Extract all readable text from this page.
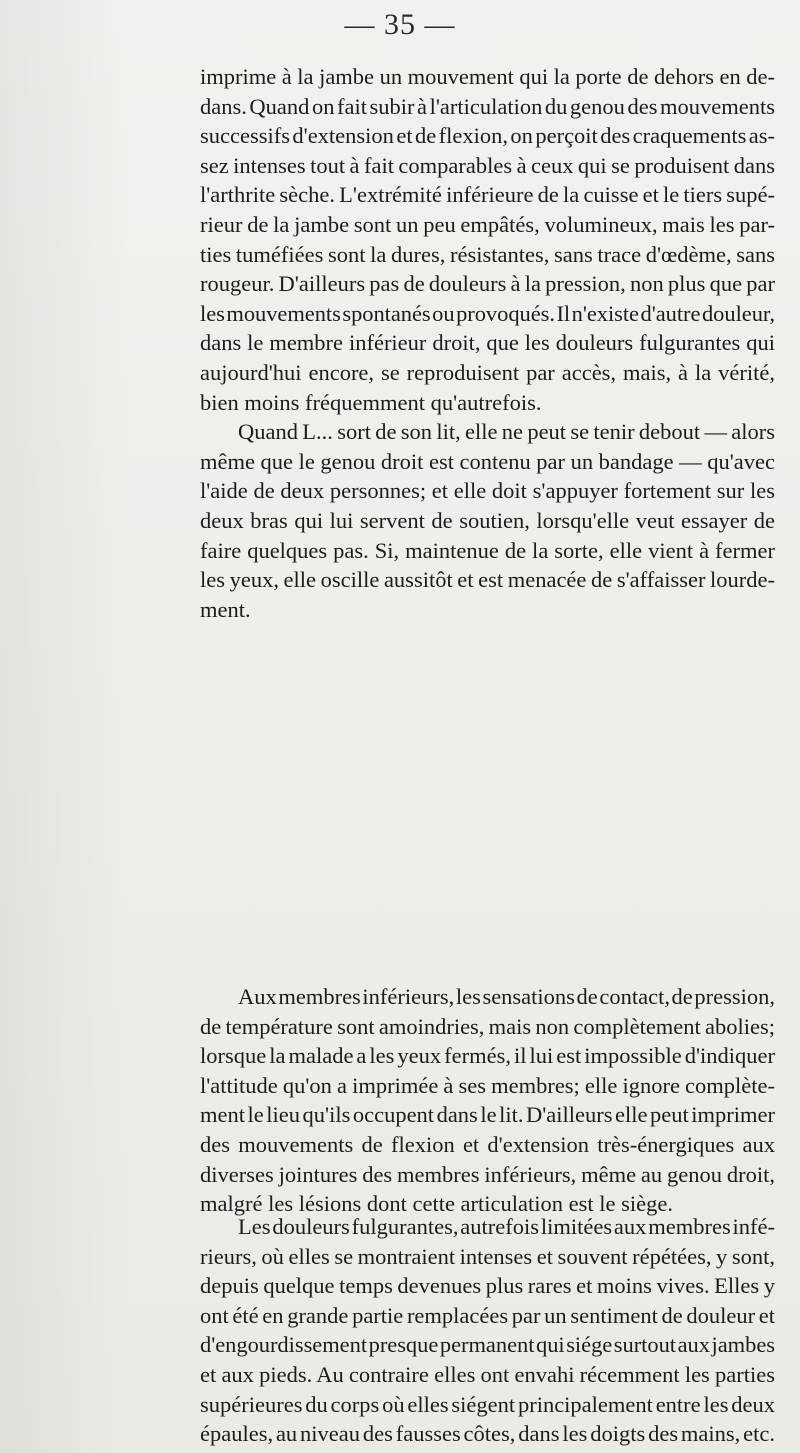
— 35 —

imprime à la jambe un mouvement qui la porte de dehors en de-
dans. Quand on fait subir à l'articulation du genou des mouvements
successifs d'extension et de flexion, on perçoit des craquements as-
sez intenses tout à fait comparables à ceux qui se produisent dans
l'arthrite sèche. L'extrémité inférieure de la cuisse et le tiers supé-
rieur de la jambe sont un peu empâtés, volumineux, mais les par-
ties tuméfiées sont la dures, résistantes, sans trace d'œdème, sans
rougeur. D'ailleurs pas de douleurs à la pression, non plus que par
les mouvements spontanés ou provoqués. Il n'existe d'autre douleur,
dans le membre inférieur droit, que les douleurs fulgurantes qui
aujourd'hui encore, se reproduisent par accès, mais, à la vérité,
bien moins fréquemment qu'autrefois.

Quand L... sort de son lit, elle ne peut se tenir debout — alors
même que le genou droit est contenu par un bandage — qu'avec
l'aide de deux personnes; et elle doit s'appuyer fortement sur les
deux bras qui lui servent de soutien, lorsqu'elle veut essayer de
faire quelques pas. Si, maintenue de la sorte, elle vient à fermer
les yeux, elle oscille aussitôt et est menacée de s'affaisser lourde-
ment.

Aux membres inférieurs, les sensations de contact, de pression,
de température sont amoindries, mais non complètement abolies;
lorsque la malade a les yeux fermés, il lui est impossible d'indiquer
l'attitude qu'on a imprimée à ses membres; elle ignore complète-
ment le lieu qu'ils occupent dans le lit. D'ailleurs elle peut imprimer
des mouvements de flexion et d'extension très-énergiques aux
diverses jointures des membres inférieurs, même au genou droit,
malgré les lésions dont cette articulation est le siège.

Les douleurs fulgurantes, autrefois limitées aux membres infé-
rieurs, où elles se montraient intenses et souvent répétées, y sont,
depuis quelque temps devenues plus rares et moins vives. Elles y
ont été en grande partie remplacées par un sentiment de douleur et
d'engourdissement presque permanent qui siége surtout aux jambes
et aux pieds. Au contraire elles ont envahi récemment les parties
supérieures du corps où elles siégent principalement entre les deux
épaules, au niveau des fausses côtes, dans les doigts des mains, etc.
